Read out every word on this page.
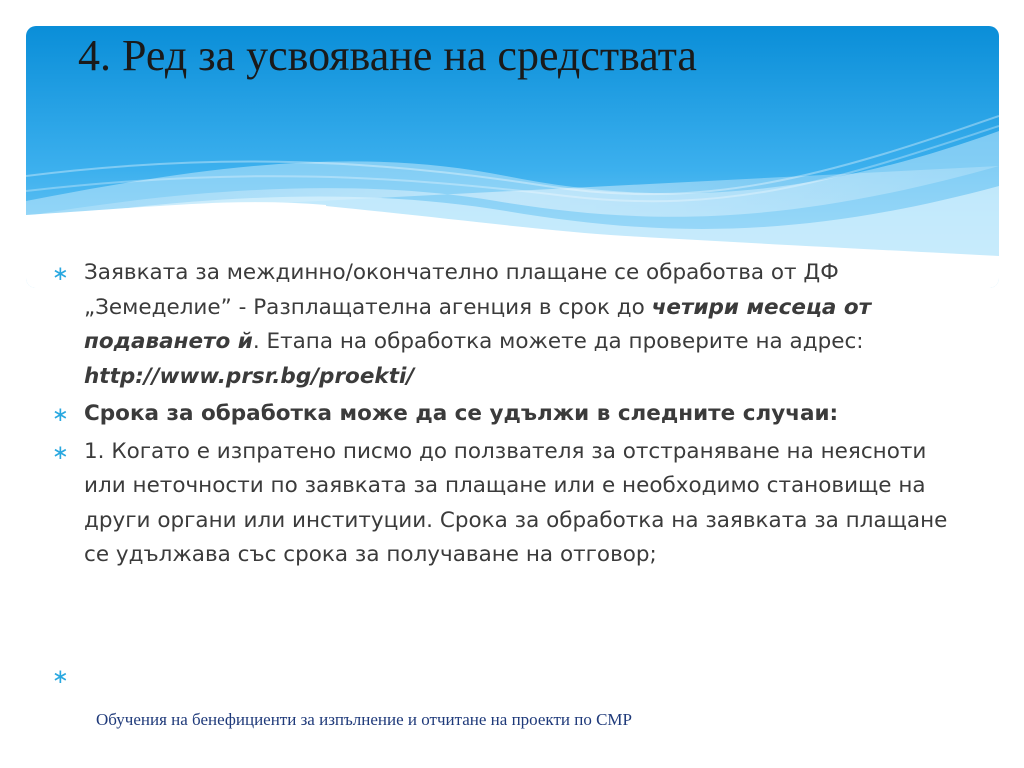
4. Ред за усвояване на средствата
∗ Заявката за междинно/окончателно плащане се обработва от ДФ „Земеделие” - Разплащателна агенция в срок до четири месеца от подаването й. Етапа на обработка можете да проверите на адрес: http://www.prsr.bg/proekti/
∗ Срока за обработка може да се удължи в следните случаи:
∗ 1. Когато е изпратено писмо до ползвателя за отстраняване на неясноти или неточности по заявката за плащане или е необходимо становище на други органи или институции. Срока за обработка на заявката за плащане се удължава със срока за получаване на отговор;
∗
Обучения на бенефициенти за изпълнение и отчитане на проекти по СМР
